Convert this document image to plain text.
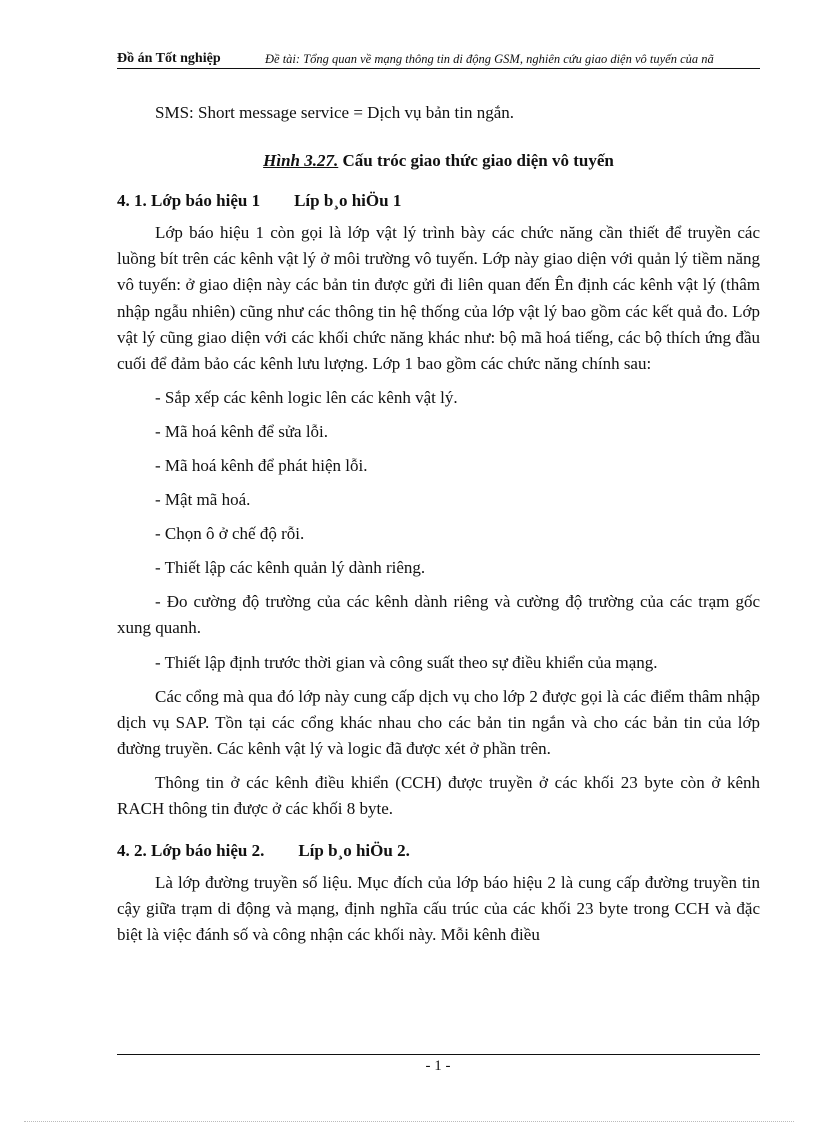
Đồ án Tốt nghiệp	Đề tài: Tổng quan về mạng thông tin di động GSM, nghiên cứu giao diện vô tuyến của nã
SMS: Short message service = Dịch vụ bản tin ngắn.
Hình 3.27. Cấu tróc giao thức giao diện vô tuyến
4. 1. Lớp báo hiệu 1 Líp b¸o hiÖu 1

Lớp báo hiệu 1 còn gọi là lớp vật lý trình bày các chức năng cần thiết để truyền các luồng bít trên các kênh vật lý ở môi trường vô tuyến. Lớp này giao diện với quản lý tiềm năng vô tuyến: ở giao diện này các bản tin được gửi đi liên quan đến Ên định các kênh vật lý (thâm nhập ngẫu nhiên) cũng như các thông tin hệ thống của lớp vật lý bao gồm các kết quả đo. Lớp vật lý cũng giao diện với các khối chức năng khác như: bộ mã hoá tiếng, các bộ thích ứng đầu cuối để đảm bảo các kênh lưu lượng. Lớp 1 bao gồm các chức năng chính sau:

- Sắp xếp các kênh logic lên các kênh vật lý.
- Mã hoá kênh để sửa lỗi.
- Mã hoá kênh để phát hiện lỗi.
- Mật mã hoá.
- Chọn ô ở chế độ rỗi.
- Thiết lập các kênh quản lý dành riêng.
- Đo cường độ trường của các kênh dành riêng và cường độ trường của các trạm gốc xung quanh.
- Thiết lập định trước thời gian và công suất theo sự điều khiển của mạng.

Các cổng mà qua đó lớp này cung cấp dịch vụ cho lớp 2 được gọi là các điểm thâm nhập dịch vụ SAP. Tồn tại các cổng khác nhau cho các bản tin ngắn và cho các bản tin của lớp đường truyền. Các kênh vật lý và logic đã được xét ở phần trên.

Thông tin ở các kênh điều khiển (CCH) được truyền ở các khối 23 byte còn ở kênh RACH thông tin được ở các khối 8 byte.

4. 2. Lớp báo hiệu 2. Líp b¸o hiÖu 2.

Là lớp đường truyền số liệu. Mục đích của lớp báo hiệu 2 là cung cấp đường truyền tin cậy giữa trạm di động và mạng, định nghĩa cấu trúc của các khối 23 byte trong CCH và đặc biệt là việc đánh số và công nhận các khối này. Mỗi kênh điều

- 1 -
